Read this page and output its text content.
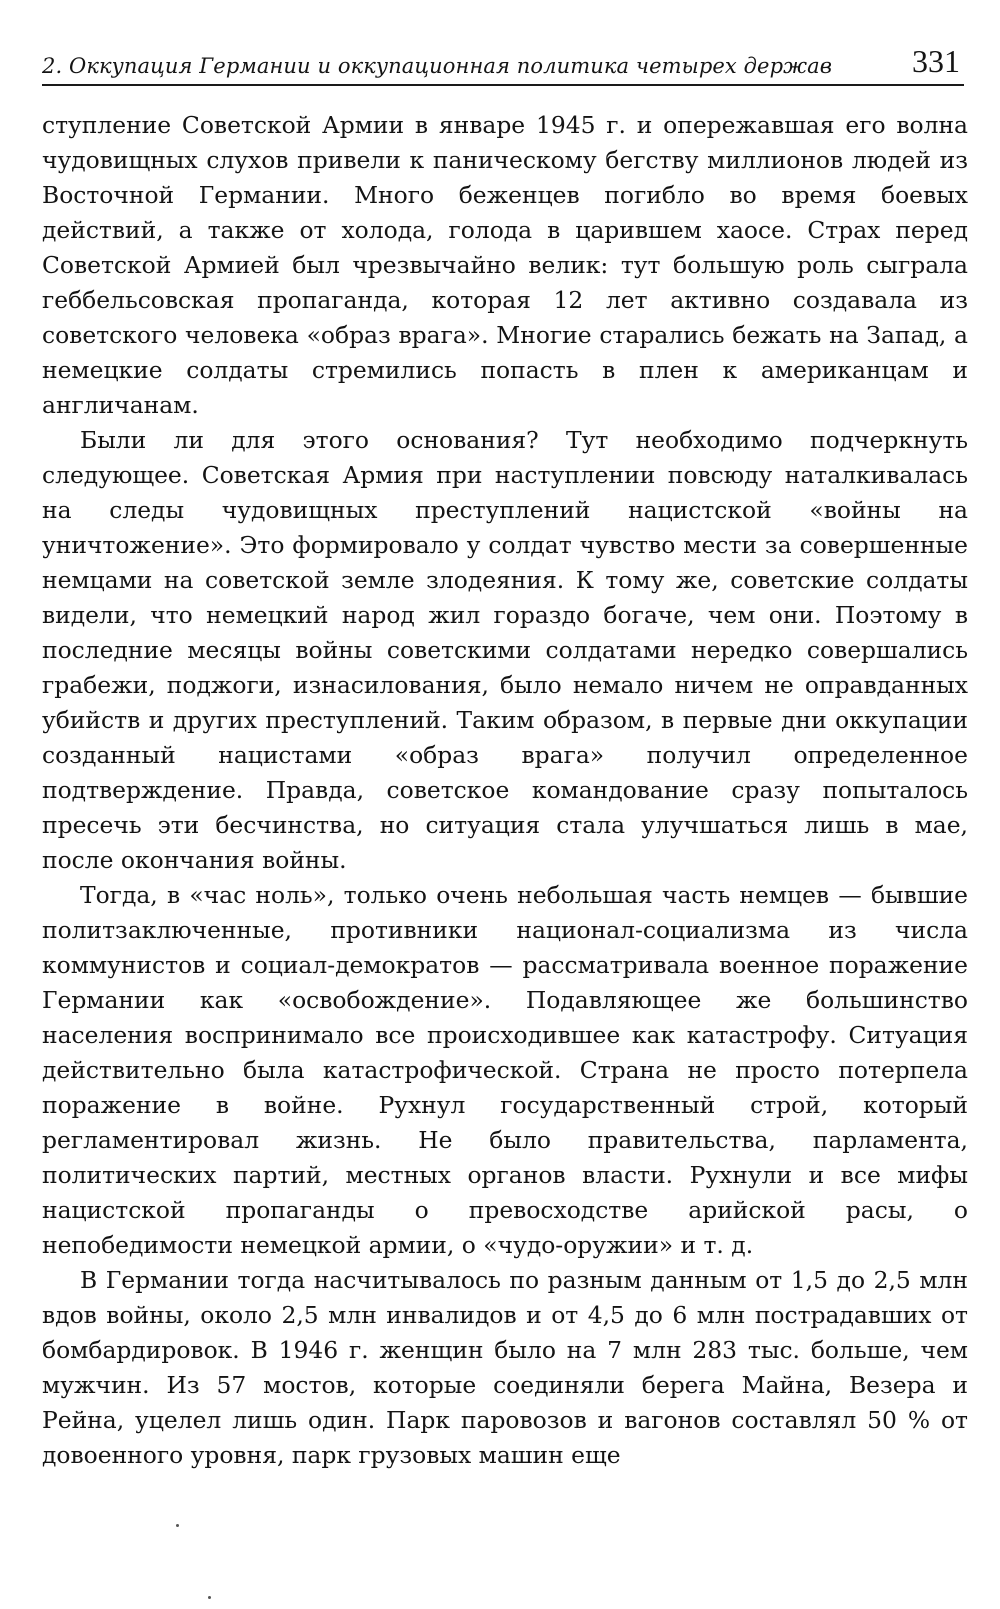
2. Оккупация Германии и оккупационная политика четырех держав 331

ступление Советской Армии в январе 1945 г. и опережавшая его волна чудовищных слухов привели к паническому бегству миллионов людей из Восточной Германии. Много беженцев погибло во время боевых действий, а также от холода, голода в царившем хаосе. Страх перед Советской Армией был чрезвычайно велик: тут большую роль сыграла геббельсовская пропаганда, которая 12 лет активно создавала из советского человека «образ врага». Многие старались бежать на Запад, а немецкие солдаты стремились попасть в плен к американцам и англичанам.

Были ли для этого основания? Тут необходимо подчеркнуть следующее. Советская Армия при наступлении повсюду наталкивалась на следы чудовищных преступлений нацистской «войны на уничтожение». Это формировало у солдат чувство мести за совершенные немцами на советской земле злодеяния. К тому же, советские солдаты видели, что немецкий народ жил гораздо богаче, чем они. Поэтому в последние месяцы войны советскими солдатами нередко совершались грабежи, поджоги, изнасилования, было немало ничем не оправданных убийств и других преступлений. Таким образом, в первые дни оккупации созданный нацистами «образ врага» получил определенное подтверждение. Правда, советское командование сразу попыталось пресечь эти бесчинства, но ситуация стала улучшаться лишь в мае, после окончания войны.

Тогда, в «час ноль», только очень небольшая часть немцев — бывшие политзаключенные, противники национал-социализма из числа коммунистов и социал-демократов — рассматривала военное поражение Германии как «освобождение». Подавляющее же большинство населения воспринимало все происходившее как катастрофу. Ситуация действительно была катастрофической. Страна не просто потерпела поражение в войне. Рухнул государственный строй, который регламентировал жизнь. Не было правительства, парламента, политических партий, местных органов власти. Рухнули и все мифы нацистской пропаганды о превосходстве арийской расы, о непобедимости немецкой армии, о «чудо-оружии» и т. д.

В Германии тогда насчитывалось по разным данным от 1,5 до 2,5 млн вдов войны, около 2,5 млн инвалидов и от 4,5 до 6 млн пострадавших от бомбардировок. В 1946 г. женщин было на 7 млн 283 тыс. больше, чем мужчин. Из 57 мостов, которые соединяли берега Майна, Везера и Рейна, уцелел лишь один. Парк паровозов и вагонов составлял 50 % от довоенного уровня, парк грузовых машин еще
